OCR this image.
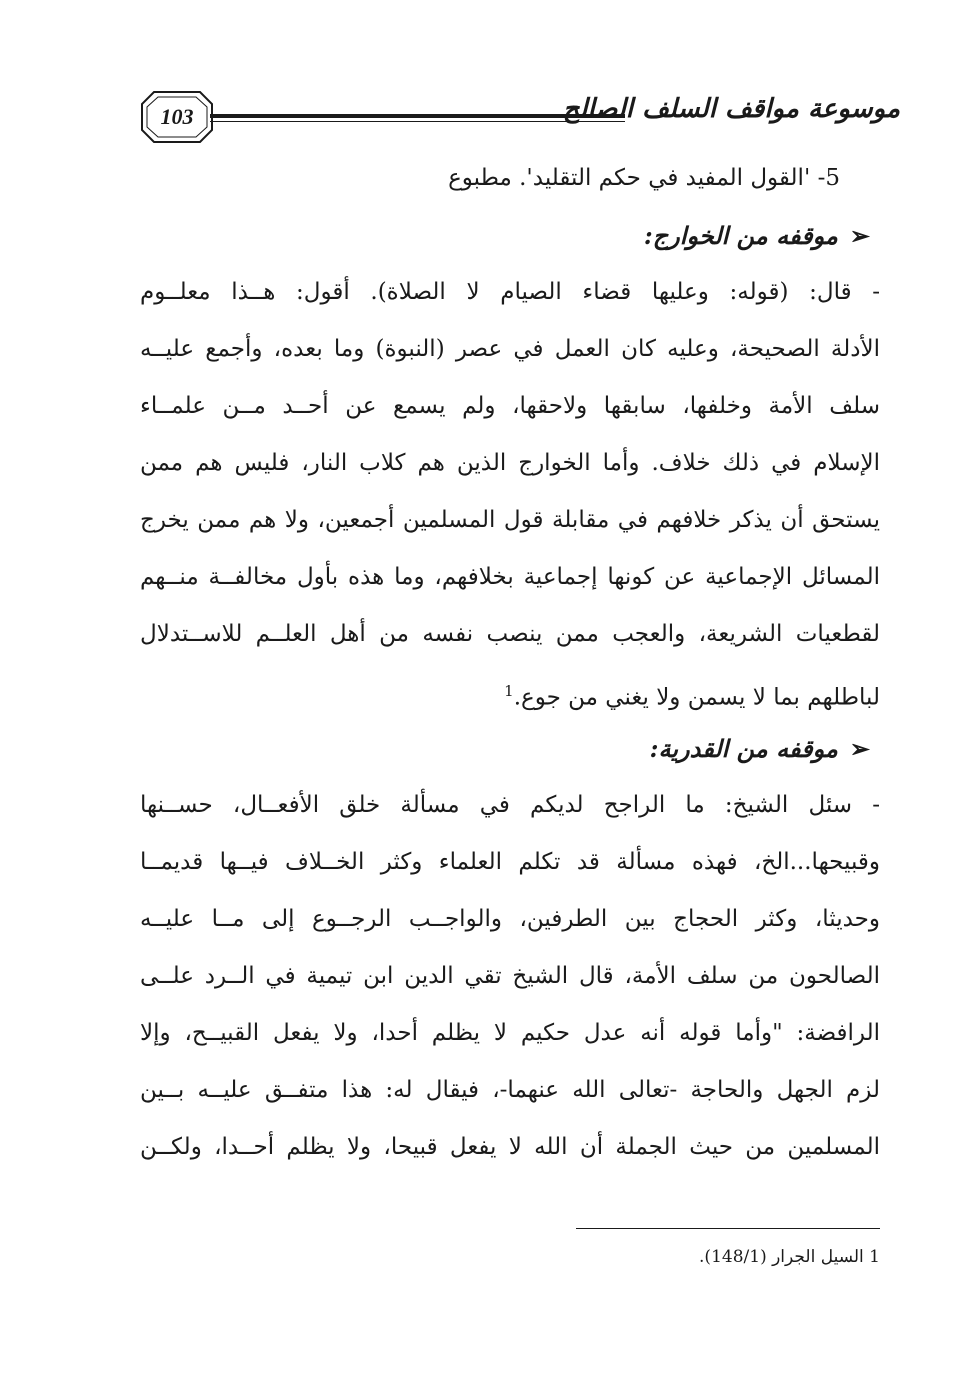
103	موسوعة مواقف السلف الصالح
5- 'القول المفيد في حكم التقليد'. مطبوع
➢موقفه من الخوارج:
- قال: (قوله: وعليها قضاء الصيام لا الصلاة). أقول: هــذا معلــوم
الأدلة الصحيحة، وعليه كان العمل في عصر (النبوة) وما بعده، وأجمع عليــه
سلف الأمة وخلفها، سابقها ولاحقها، ولم يسمع عن أحــد مــن علمــاء
الإسلام في ذلك خلاف. وأما الخوارج الذين هم كلاب النار، فليس هم ممن
يستحق أن يذكر خلافهم في مقابلة قول المسلمين أجمعين، ولا هم ممن يخرج
المسائل الإجماعية عن كونها إجماعية بخلافهم، وما هذه بأول مخالفــة منــهم
لقطعيات الشريعة، والعجب ممن ينصب نفسه من أهل العلــم للاســتدلال
لباطلهم بما لا يسمن ولا يغني من جوع.$^1$
➢موقفه من القدرية:
- سئل الشيخ: ما الراجح لديكم في مسألة خلق الأفعــال، حســنها
وقبيحها...الخ، فهذه مسألة قد تكلم العلماء وكثر الخــلاف فيــها قديمــا
وحديثا، وكثر الحجاج بين الطرفين، والواجــب الرجــوع إلى مــا عليــه
الصالحون من سلف الأمة، قال الشيخ تقي الدين ابن تيمية في الــرد علــى
الرافضة: "وأما قوله أنه عدل حكيم لا يظلم أحدا، ولا يفعل القبيــح، وإلا
لزم الجهل والحاجة -تعالى الله عنهما-، فيقال له: هذا متفــق عليــه بــين
المسلمين من حيث الجملة أن الله لا يفعل قبيحا، ولا يظلم أحــدا، ولكــن
1 السيل الجرار (148/1).
